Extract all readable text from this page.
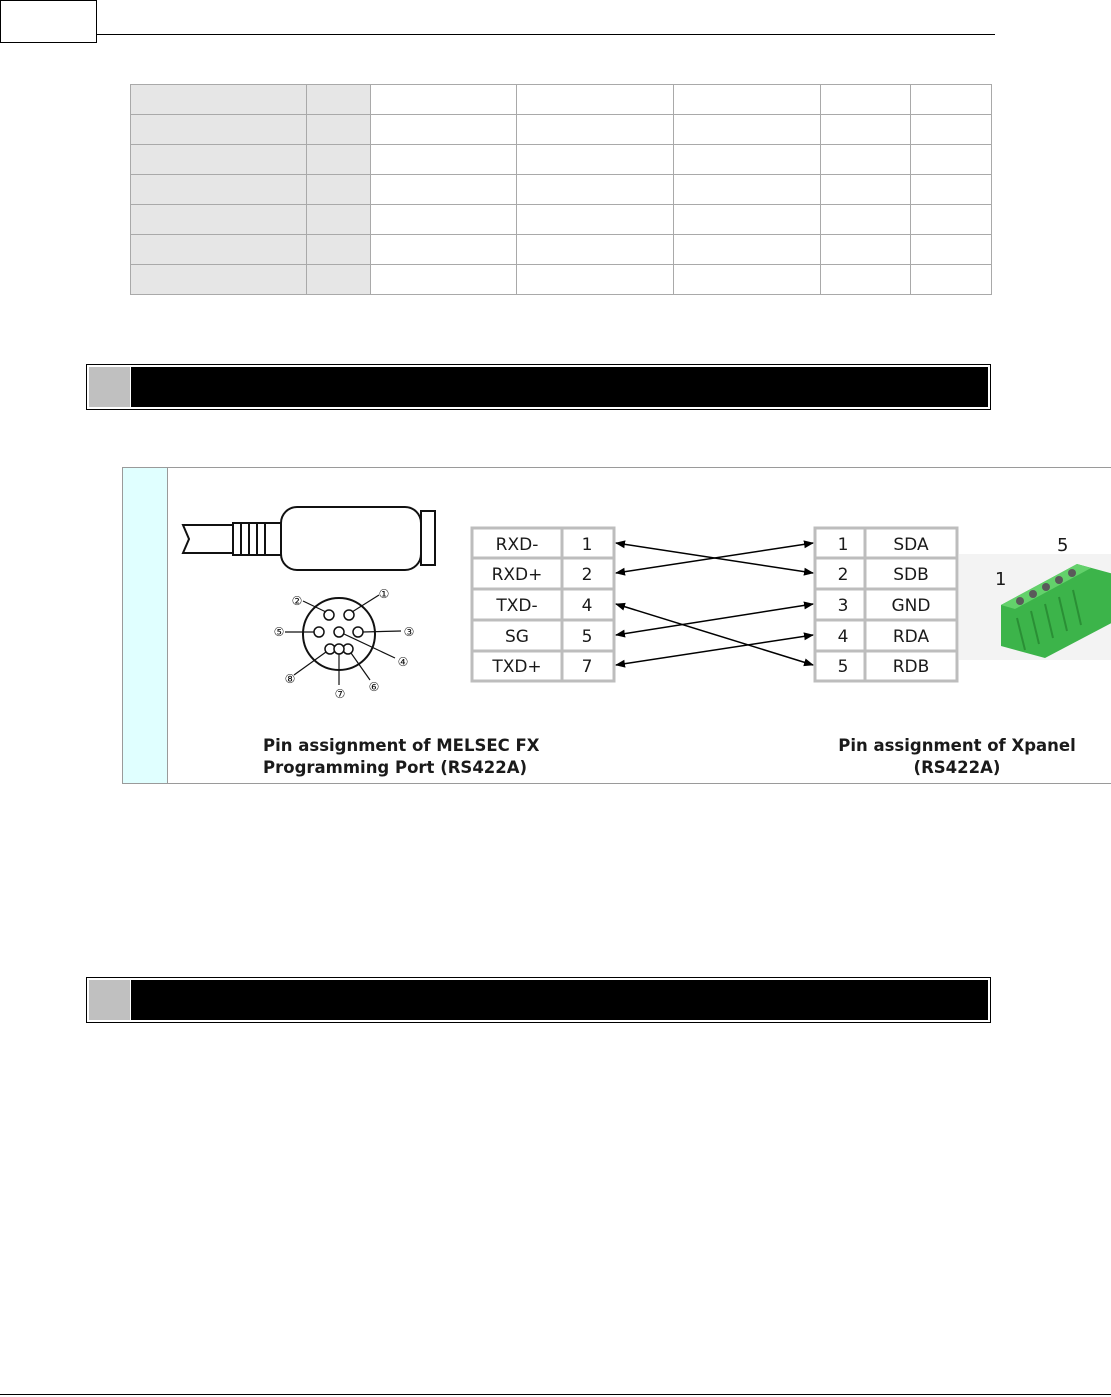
①
②
③
④
⑤
⑥
⑦
⑧
RXD-	1
RXD+ 2
TXD-	4
SG	5
TXD+ 7
1	SDA
2	SDB
3	GND
4	RDA
5	RDB
1
5
Pin assignment of MELSEC FX
Programming Port (RS422A)
Pin assignment of Xpanel
(RS422A)
